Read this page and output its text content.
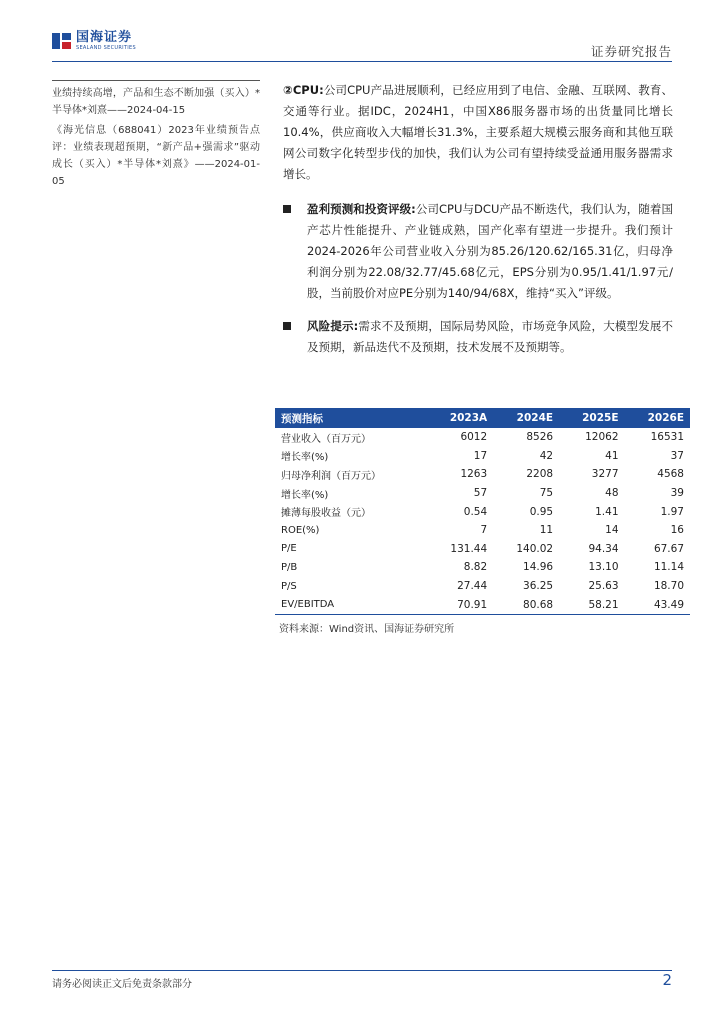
国海证券
SEALAND SECURITIES	证券研究报告

业绩持续高增，产品和生态不断加强（买入）*半导体*刘熹——2024-04-15

《海光信息（688041）2023年业绩预告点评：业绩表现超预期，“新产品+强需求”驱动成长（买入）*半导体*刘熹》——2024-01-05

②CPU:公司CPU产品进展顺利，已经应用到了电信、金融、互联网、教育、交通等行业。据IDC，2024H1，中国X86服务器市场的出货量同比增长10.4%，供应商收入大幅增长31.3%，主要系超大规模云服务商和其他互联网公司数字化转型步伐的加快，我们认为公司有望持续受益通用服务器需求增长。

盈利预测和投资评级:公司CPU与DCU产品不断迭代，我们认为，随着国产芯片性能提升、产业链成熟，国产化率有望进一步提升。我们预计2024-2026年公司营业收入分别为85.26/120.62/165.31亿，归母净利润分别为22.08/32.77/45.68亿元，EPS分别为0.95/1.41/1.97元/股，当前股价对应PE分别为140/94/68X，维持“买入”评级。

风险提示:需求不及预期，国际局势风险，市场竞争风险，大模型发展不及预期，新品迭代不及预期，技术发展不及预期等。

预测指标	2023A	2024E	2025E	2026E
营业收入（百万元）	6012	8526	12062	16531
增长率(%)	17	42	41	37
归母净利润（百万元）	1263	2208	3277	4568
增长率(%)	57	75	48	39
摊薄每股收益（元）	0.54	0.95	1.41	1.97
ROE(%)	7	11	14	16
P/E	131.44	140.02	94.34	67.67
P/B	8.82	14.96	13.10	11.14
P/S	27.44	36.25	25.63	18.70
EV/EBITDA	70.91	80.68	58.21	43.49
资料来源：Wind资讯、国海证券研究所
请务必阅读正文后免责条款部分	2
